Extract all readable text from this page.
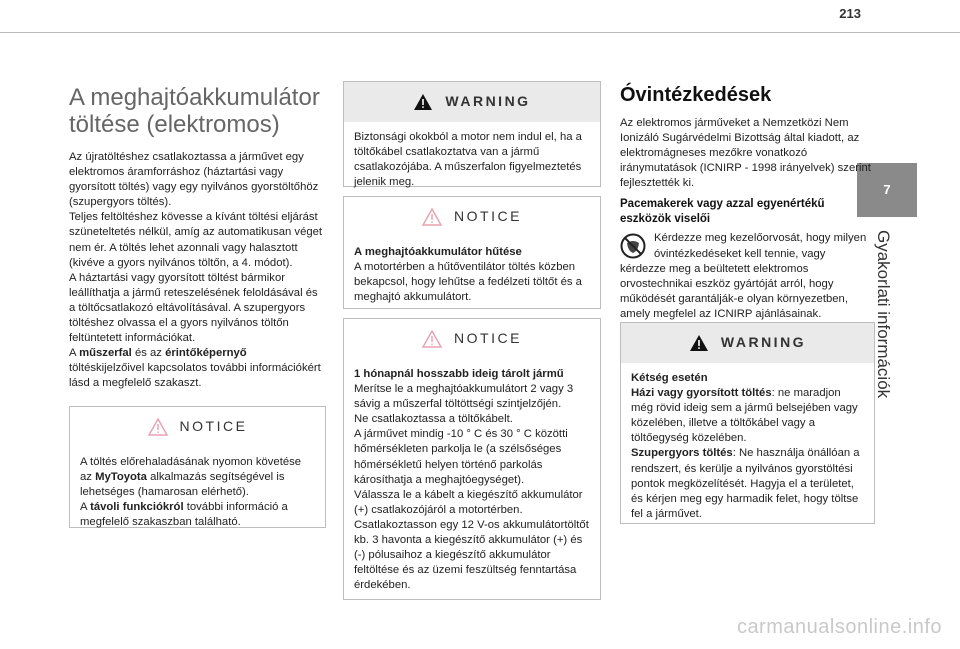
213
7
Gyakorlati információk
A meghajtóakkumulátor
töltése (elektromos)

Az újratöltéshez csatlakoztassa a járművet egy elektromos áramforráshoz (háztartási vagy gyorsított töltés) vagy egy nyilvános gyorstöltőhöz (szupergyors töltés).

Teljes feltöltéshez kövesse a kívánt töltési eljárást szüneteltetés nélkül, amíg az automatikusan véget nem ér. A töltés lehet azonnali vagy halasztott (kivéve a gyors nyilvános töltőn, a 4. módot).

A háztartási vagy gyorsított töltést bármikor leállíthatja a jármű reteszelésének feloldásával és a töltőcsatlakozó eltávolításával. A szupergyors töltéshez olvassa el a gyors nyilvános töltőn feltüntetett információkat.

A műszerfal és az érintőképernyő töltéskijelzőivel kapcsolatos további információkért lásd a megfelelő szakaszt.

NOTICE

A töltés előrehaladásának nyomon követése az MyToyota alkalmazás segítségével is lehetséges (hamarosan elérhető).

A távoli funkciókról további információ a megfelelő szakaszban található.

WARNING

Biztonsági okokból a motor nem indul el, ha a töltőkábel csatlakoztatva van a jármű csatlakozójába. A műszerfalon figyelmeztetés jelenik meg.

NOTICE

A meghajtóakkumulátor hűtése

A motortérben a hűtőventilátor töltés közben bekapcsol, hogy lehűtse a fedélzeti töltőt és a meghajtó akkumulátort.

NOTICE

1 hónapnál hosszabb ideig tárolt jármű

Merítse le a meghajtóakkumulátort 2 vagy 3 sávig a műszerfal töltöttségi szintjelzőjén.

Ne csatlakoztassa a töltőkábelt.

A járművet mindig -10 ° C és 30 ° C közötti hőmérsékleten parkolja le (a szélsőséges hőmérsékletű helyen történő parkolás károsíthatja a meghajtóegységet).

Válassza le a kábelt a kiegészítő akkumulátor (+) csatlakozójáról a motortérben.

Csatlakoztasson egy 12 V-os akkumulátortöltőt kb. 3 havonta a kiegészítő akkumulátor (+) és (-) pólusaihoz a kiegészítő akkumulátor feltöltése és az üzemi feszültség fenntartása érdekében.

Óvintézkedések

Az elektromos járműveket a Nemzetközi Nem Ionizáló Sugárvédelmi Bizottság által kiadott, az elektromágneses mezőkre vonatkozó iránymutatások (ICNIRP - 1998 irányelvek) szerint fejlesztették ki.

Pacemakerek vagy azzal egyenértékű eszközök viselői

Kérdezze meg kezelőorvosát, hogy milyen óvintézkedéseket kell tennie, vagy kérdezze meg a beültetett elektromos orvostechnikai eszköz gyártóját arról, hogy működését garantálják-e olyan környezetben, amely megfelel az ICNIRP ajánlásainak.

WARNING

Kétség esetén

Házi vagy gyorsított töltés: ne maradjon még rövid ideig sem a jármű belsejében vagy közelében, illetve a töltőkábel vagy a töltőegység közelében.

Szupergyors töltés: Ne használja önállóan a rendszert, és kerülje a nyilvános gyorstöltési pontok megközelítését. Hagyja el a területet, és kérjen meg egy harmadik felet, hogy töltse fel a járművet.

carmanualsonline.info
